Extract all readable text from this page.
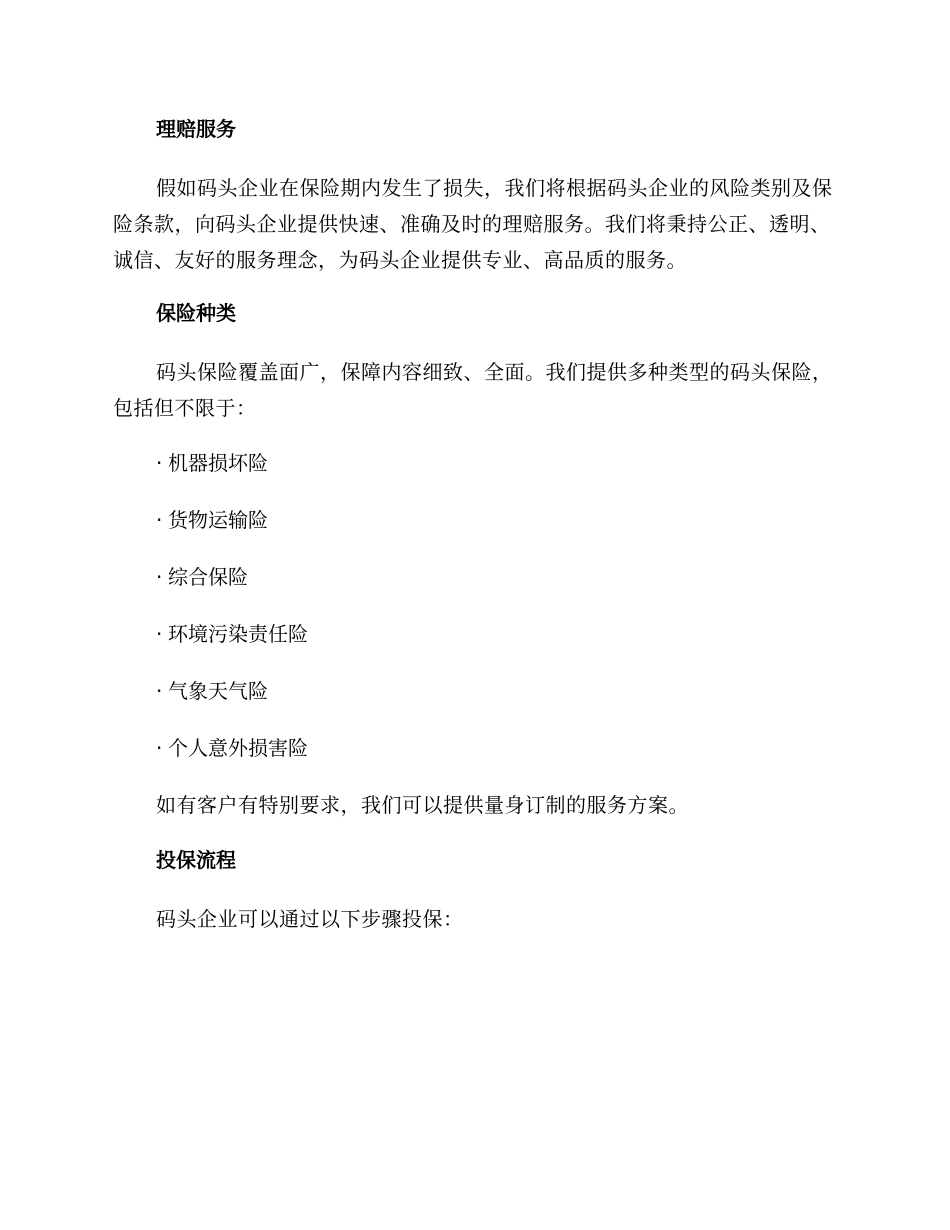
理赔服务

假如码头企业在保险期内发生了损失，我们将根据码头企业的风险类别及保险条款，向码头企业提供快速、准确及时的理赔服务。我们将秉持公正、透明、诚信、友好的服务理念，为码头企业提供专业、高品质的服务。

保险种类

码头保险覆盖面广，保障内容细致、全面。我们提供多种类型的码头保险，包括但不限于：

· 机器损坏险
· 货物运输险
· 综合保险
· 环境污染责任险
· 气象天气险
· 个人意外损害险

如有客户有特别要求，我们可以提供量身订制的服务方案。

投保流程

码头企业可以通过以下步骤投保：
